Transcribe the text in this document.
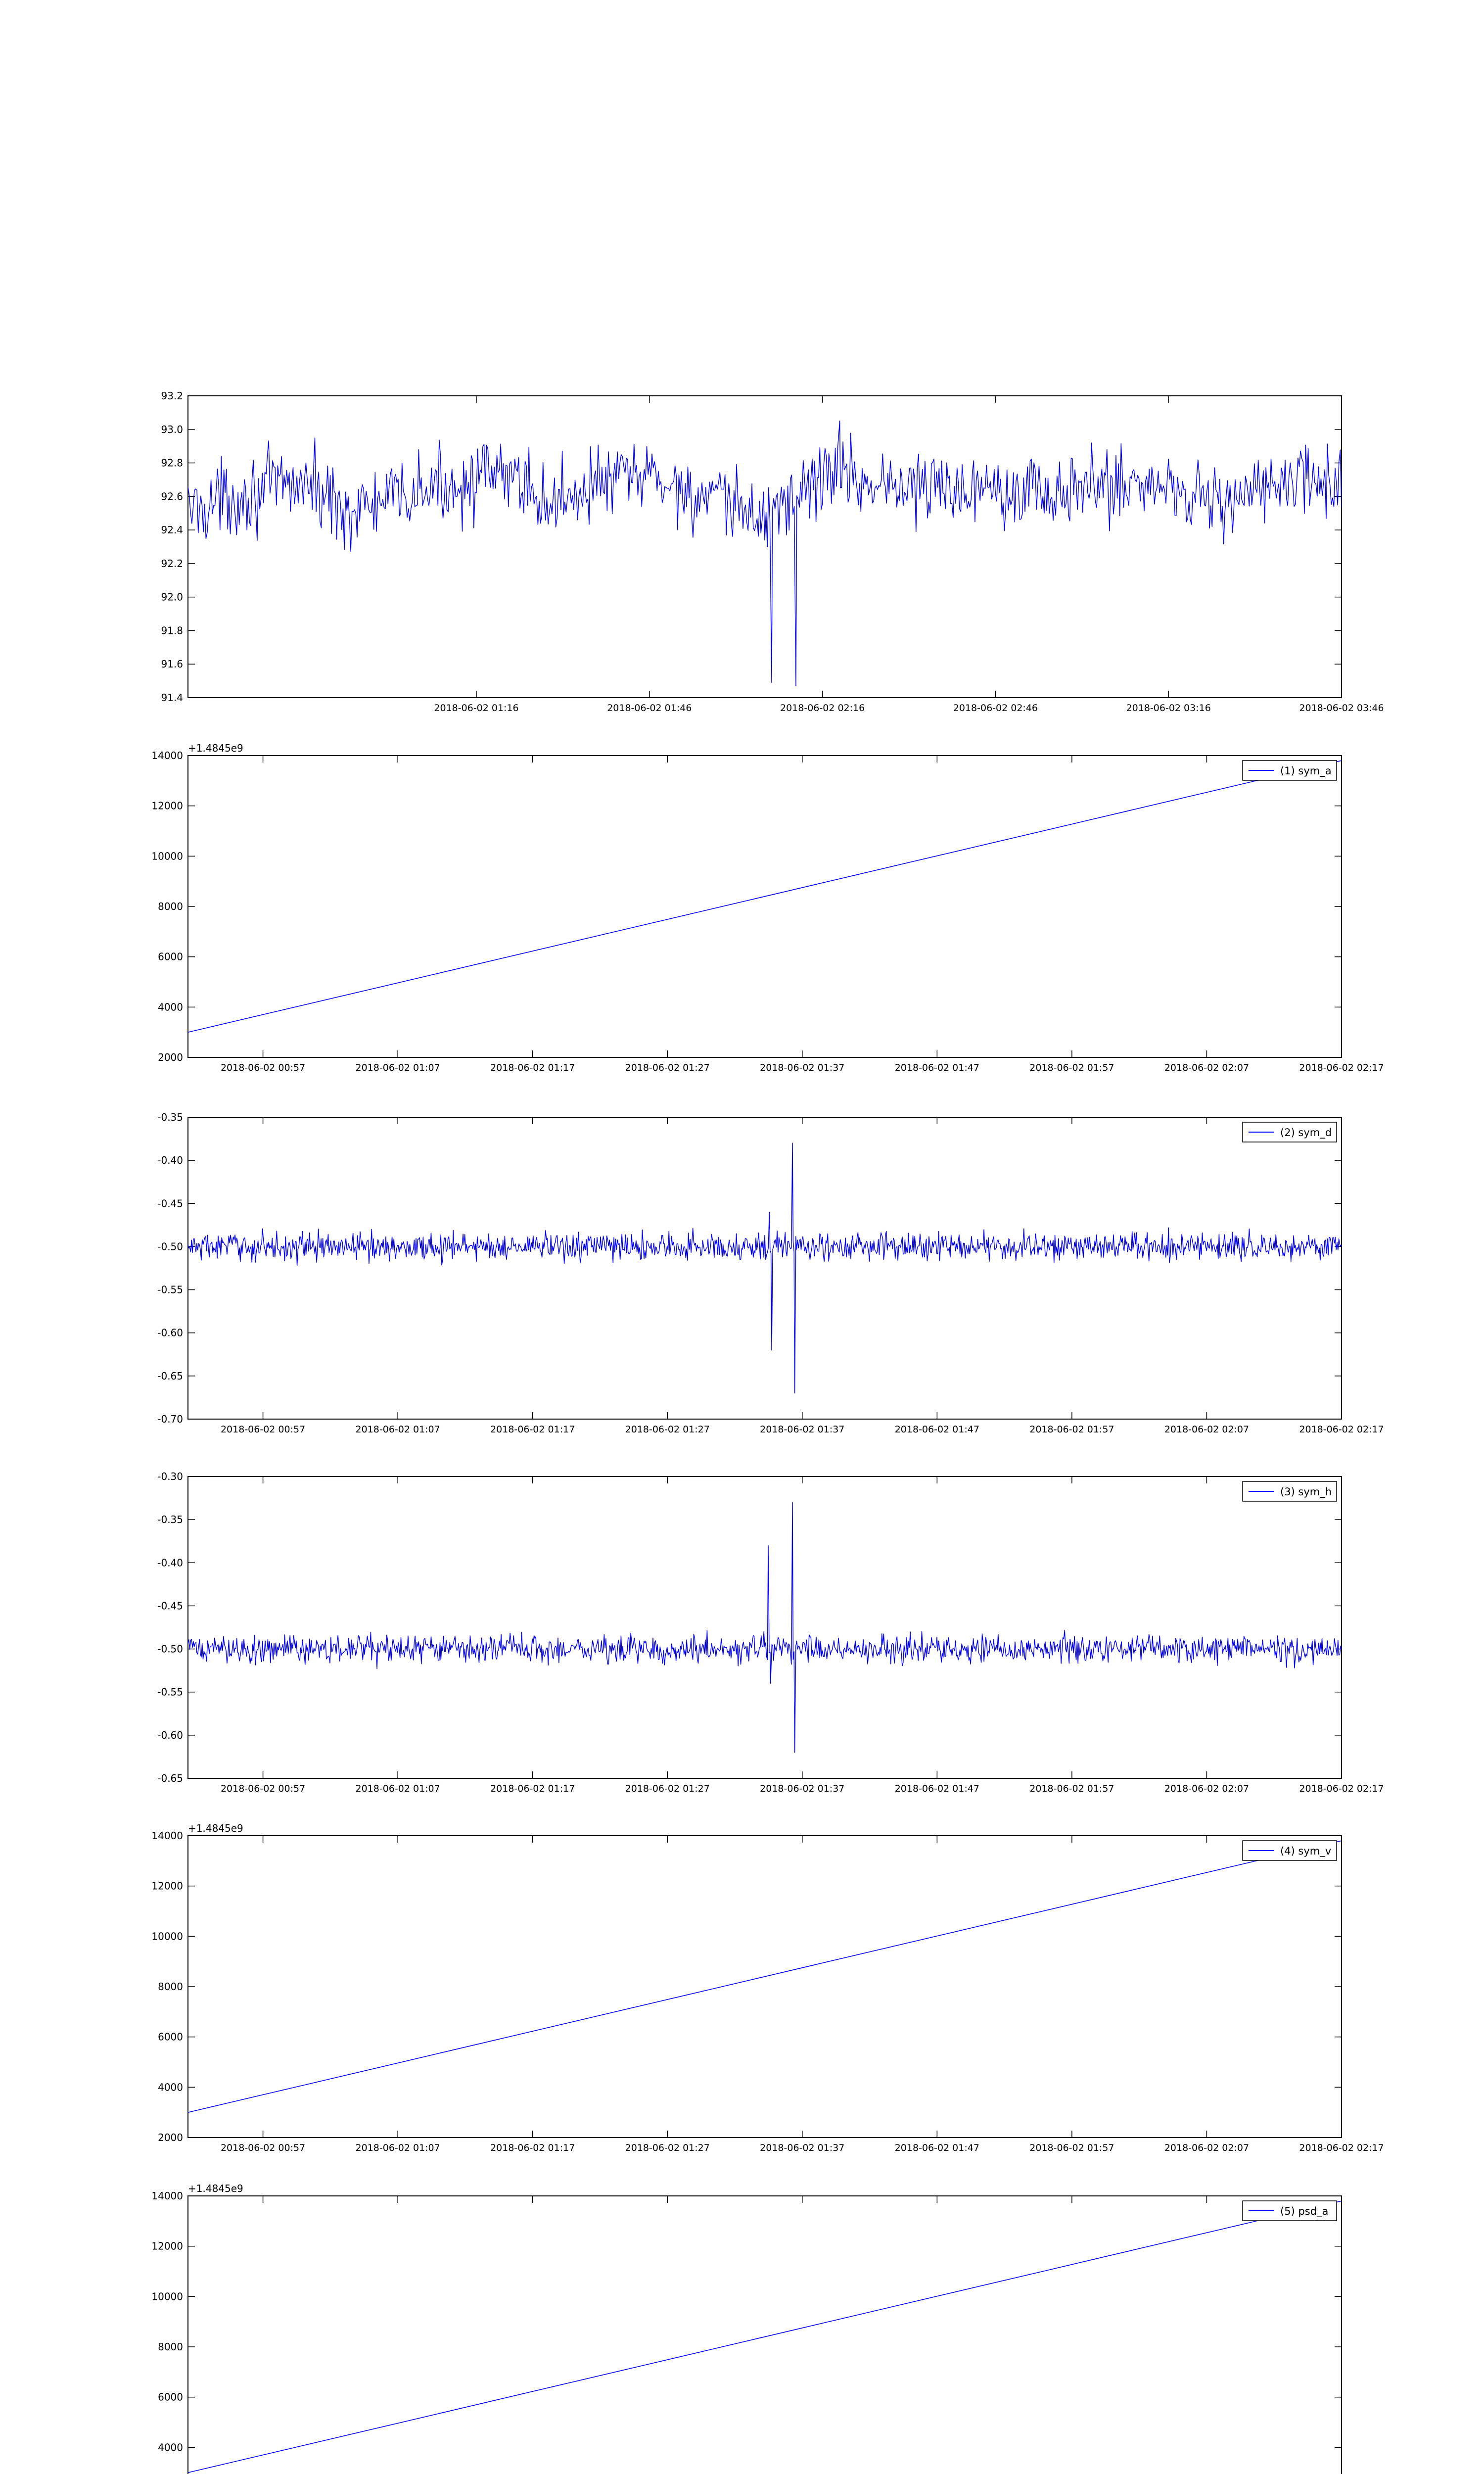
91.4
91.6
91.8
92.0
92.2
92.4
92.6
92.8
93.0
93.2
2018-06-02 01:16	2018-06-02 01:46	2018-06-02 02:16	2018-06-02 02:46	2018-06-02 03:16	2018-06-02 03:46
2000
4000
6000
8000
10000
12000
14000
2018-06-02 00:57	2018-06-02 01:07	2018-06-02 01:17	2018-06-02 01:27	2018-06-02 01:37	2018-06-02 01:47	2018-06-02 01:57	2018-06-02 02:07	2018-06-02 02:17
+1.4845e9
(1) sym_a
-0.70
-0.65
-0.60
-0.55
-0.50
-0.45
-0.40
-0.35
2018-06-02 00:57	2018-06-02 01:07	2018-06-02 01:17	2018-06-02 01:27	2018-06-02 01:37	2018-06-02 01:47	2018-06-02 01:57	2018-06-02 02:07	2018-06-02 02:17
(2) sym_d
-0.65
-0.60
-0.55
-0.50
-0.45
-0.40
-0.35
-0.30
2018-06-02 00:57	2018-06-02 01:07	2018-06-02 01:17	2018-06-02 01:27	2018-06-02 01:37	2018-06-02 01:47	2018-06-02 01:57	2018-06-02 02:07	2018-06-02 02:17
(3) sym_h
2000
4000
6000
8000
10000
12000
14000
2018-06-02 00:57	2018-06-02 01:07	2018-06-02 01:17	2018-06-02 01:27	2018-06-02 01:37	2018-06-02 01:47	2018-06-02 01:57	2018-06-02 02:07	2018-06-02 02:17
+1.4845e9
(4) sym_v
4000
6000
8000
10000
12000
14000
+1.4845e9
(5) psd_a
